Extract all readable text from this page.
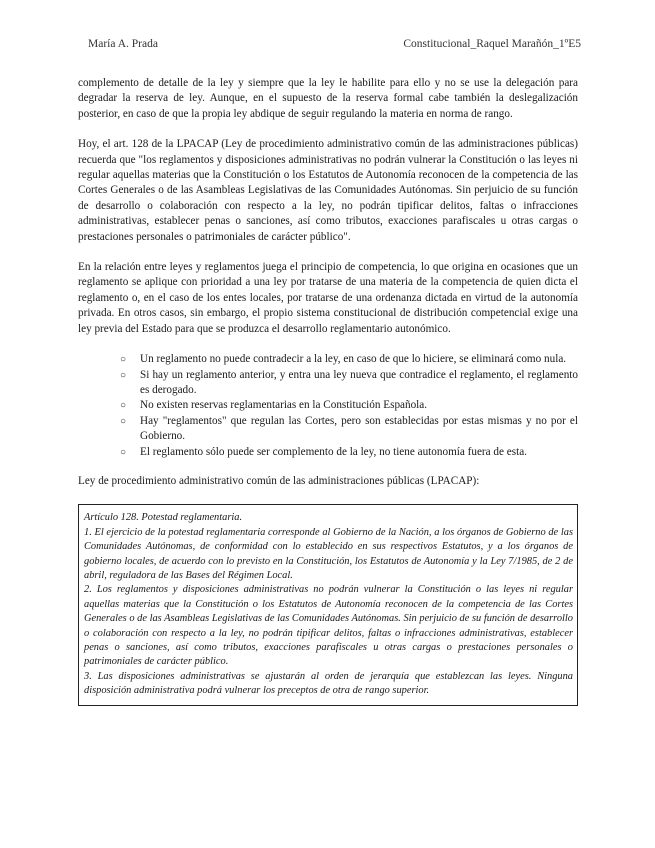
María A. Prada	Constitucional_Raquel Marañón_1ºE5

complemento de detalle de la ley y siempre que la ley le habilite para ello y no se use la delegación para degradar la reserva de ley. Aunque, en el supuesto de la reserva formal cabe también la deslegalización posterior, en caso de que la propia ley abdique de seguir regulando la materia en norma de rango.

Hoy, el art. 128 de la LPACAP (Ley de procedimiento administrativo común de las administraciones públicas) recuerda que "los reglamentos y disposiciones administrativas no podrán vulnerar la Constitución o las leyes ni regular aquellas materias que la Constitución o los Estatutos de Autonomía reconocen de la competencia de las Cortes Generales o de las Asambleas Legislativas de las Comunidades Autónomas. Sin perjuicio de su función de desarrollo o colaboración con respecto a la ley, no podrán tipificar delitos, faltas o infracciones administrativas, establecer penas o sanciones, así como tributos, exacciones parafiscales u otras cargas o prestaciones personales o patrimoniales de carácter público".

En la relación entre leyes y reglamentos juega el principio de competencia, lo que origina en ocasiones que un reglamento se aplique con prioridad a una ley por tratarse de una materia de la competencia de quien dicta el reglamento o, en el caso de los entes locales, por tratarse de una ordenanza dictada en virtud de la autonomía privada. En otros casos, sin embargo, el propio sistema constitucional de distribución competencial exige una ley previa del Estado para que se produzca el desarrollo reglamentario autonómico.

○ Un reglamento no puede contradecir a la ley, en caso de que lo hiciere, se eliminará como nula.
○ Si hay un reglamento anterior, y entra una ley nueva que contradice el reglamento, el reglamento es derogado.
○ No existen reservas reglamentarias en la Constitución Española.
○ Hay "reglamentos" que regulan las Cortes, pero son establecidas por estas mismas y no por el Gobierno.
○ El reglamento sólo puede ser complemento de la ley, no tiene autonomía fuera de esta.

Ley de procedimiento administrativo común de las administraciones públicas (LPACAP):

Artículo 128. Potestad reglamentaria.
1. El ejercicio de la potestad reglamentaria corresponde al Gobierno de la Nación, a los órganos de Gobierno de las Comunidades Autónomas, de conformidad con lo establecido en sus respectivos Estatutos, y a los órganos de gobierno locales, de acuerdo con lo previsto en la Constitución, los Estatutos de Autonomía y la Ley 7/1985, de 2 de abril, reguladora de las Bases del Régimen Local.
2. Los reglamentos y disposiciones administrativas no podrán vulnerar la Constitución o las leyes ni regular aquellas materias que la Constitución o los Estatutos de Autonomía reconocen de la competencia de las Cortes Generales o de las Asambleas Legislativas de las Comunidades Autónomas. Sin perjuicio de su función de desarrollo o colaboración con respecto a la ley, no podrán tipificar delitos, faltas o infracciones administrativas, establecer penas o sanciones, así como tributos, exacciones parafiscales u otras cargas o prestaciones personales o patrimoniales de carácter público.
3. Las disposiciones administrativas se ajustarán al orden de jerarquía que establezcan las leyes. Ninguna disposición administrativa podrá vulnerar los preceptos de otra de rango superior.
